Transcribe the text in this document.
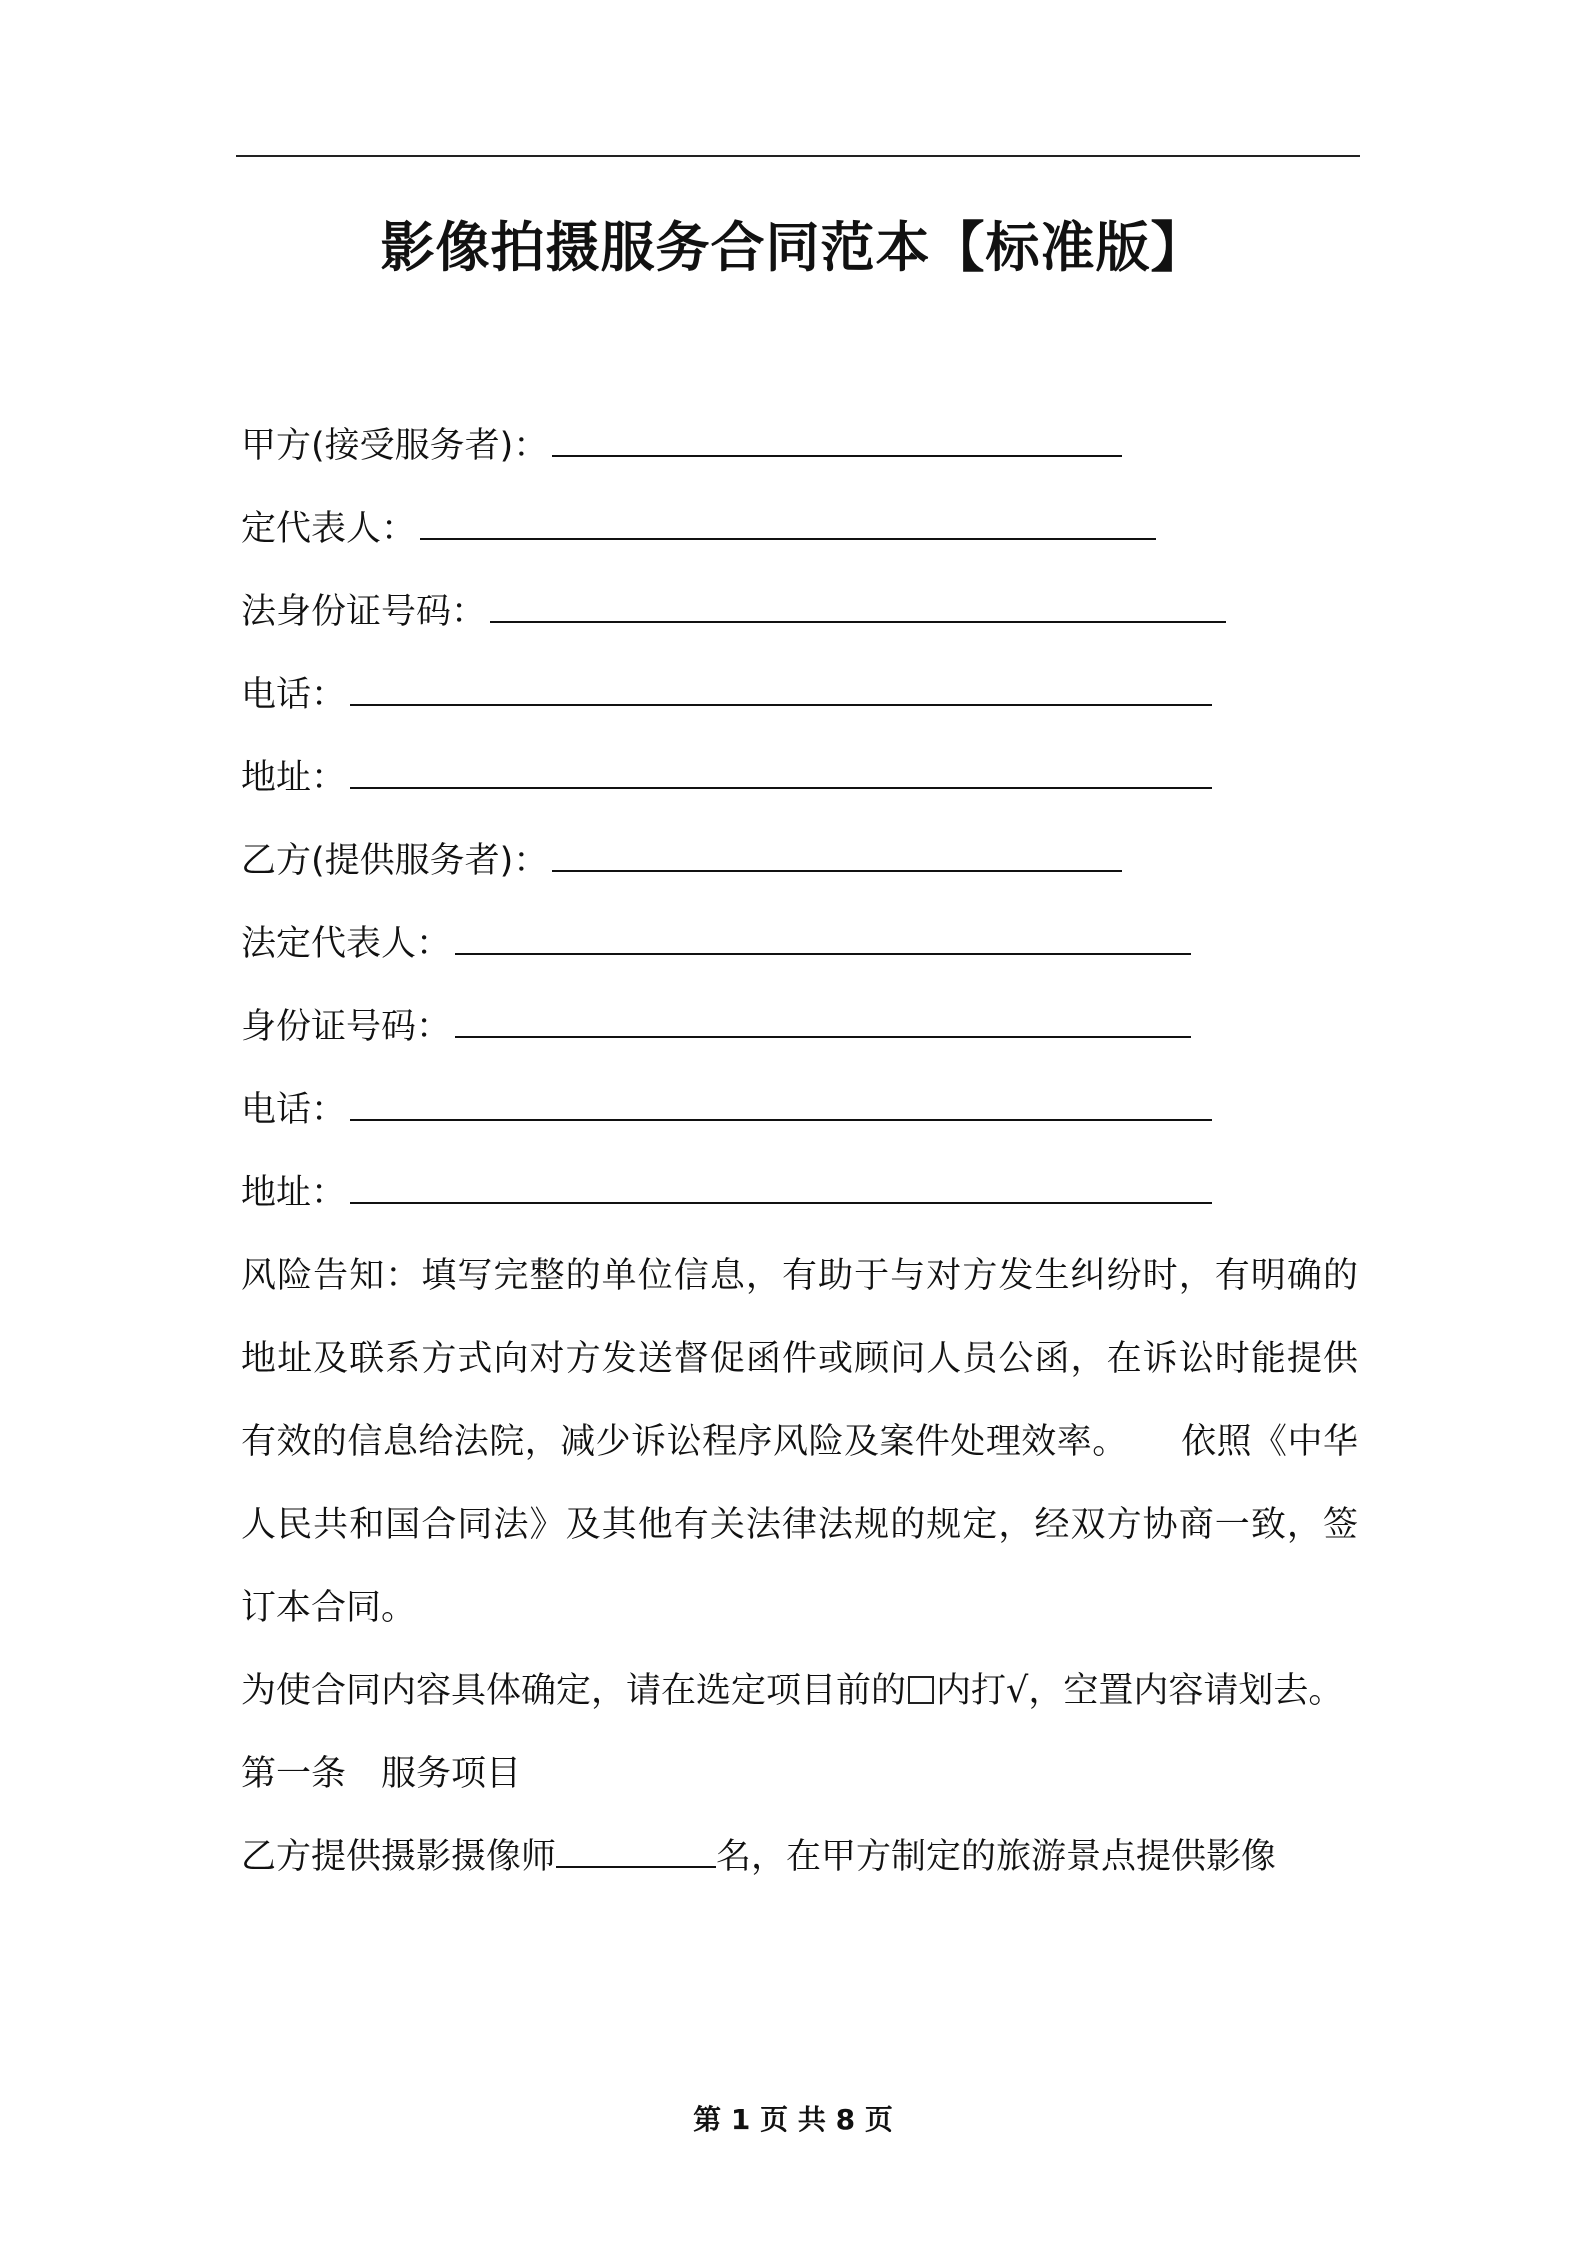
影像拍摄服务合同范本【标准版】
甲方(接受服务者)：
定代表人：
法身份证号码：
电话：
地址：
乙方(提供服务者)：
法定代表人：
身份证号码：
电话：
地址：

风险告知：填写完整的单位信息，有助于与对方发生纠纷时，有明确的地址及联系方式向对方发送督促函件或顾问人员公函，在诉讼时能提供有效的信息给法院，减少诉讼程序风险及案件处理效率。　　依照《中华人民共和国合同法》及其他有关法律法规的规定，经双方协商一致，签订本合同。

为使合同内容具体确定，请在选定项目前的 内打√，空置内容请划去。

第一条　服务项目

乙方提供摄影摄像师	名，在甲方制定的旅游景点提供影像

第 1 页 共 8 页
